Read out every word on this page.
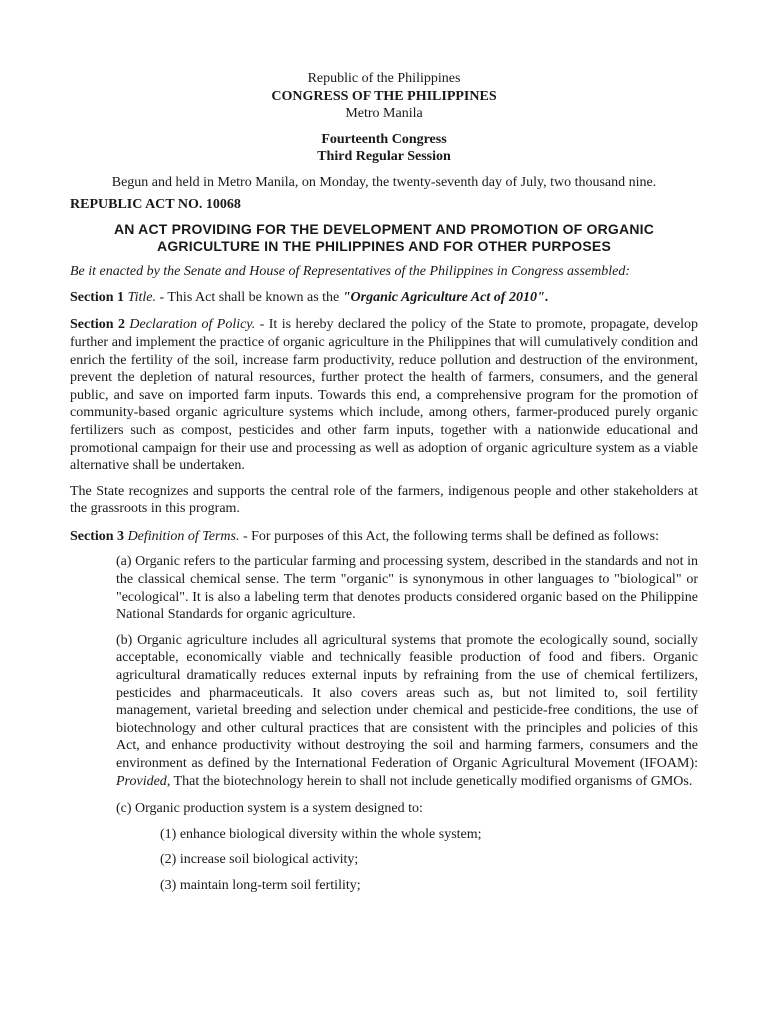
Republic of the Philippines

CONGRESS OF THE PHILIPPINES

Metro Manila

Fourteenth Congress

Third Regular Session

Begun and held in Metro Manila, on Monday, the twenty-seventh day of July, two thousand nine.

REPUBLIC ACT NO. 10068

AN ACT PROVIDING FOR THE DEVELOPMENT AND PROMOTION OF ORGANIC AGRICULTURE IN THE PHILIPPINES AND FOR OTHER PURPOSES

Be it enacted by the Senate and House of Representatives of the Philippines in Congress assembled:

Section 1 Title. - This Act shall be known as the "Organic Agriculture Act of 2010".

Section 2 Declaration of Policy. - It is hereby declared the policy of the State to promote, propagate, develop further and implement the practice of organic agriculture in the Philippines that will cumulatively condition and enrich the fertility of the soil, increase farm productivity, reduce pollution and destruction of the environment, prevent the depletion of natural resources, further protect the health of farmers, consumers, and the general public, and save on imported farm inputs. Towards this end, a comprehensive program for the promotion of community-based organic agriculture systems which include, among others, farmer-produced purely organic fertilizers such as compost, pesticides and other farm inputs, together with a nationwide educational and promotional campaign for their use and processing as well as adoption of organic agriculture system as a viable alternative shall be undertaken.

The State recognizes and supports the central role of the farmers, indigenous people and other stakeholders at the grassroots in this program.

Section 3 Definition of Terms. - For purposes of this Act, the following terms shall be defined as follows:

(a) Organic refers to the particular farming and processing system, described in the standards and not in the classical chemical sense. The term "organic" is synonymous in other languages to "biological" or "ecological". It is also a labeling term that denotes products considered organic based on the Philippine National Standards for organic agriculture.

(b) Organic agriculture includes all agricultural systems that promote the ecologically sound, socially acceptable, economically viable and technically feasible production of food and fibers. Organic agricultural dramatically reduces external inputs by refraining from the use of chemical fertilizers, pesticides and pharmaceuticals. It also covers areas such as, but not limited to, soil fertility management, varietal breeding and selection under chemical and pesticide-free conditions, the use of biotechnology and other cultural practices that are consistent with the principles and policies of this Act, and enhance productivity without destroying the soil and harming farmers, consumers and the environment as defined by the International Federation of Organic Agricultural Movement (IFOAM): Provided, That the biotechnology herein to shall not include genetically modified organisms of GMOs.

(c) Organic production system is a system designed to:

(1) enhance biological diversity within the whole system;

(2) increase soil biological activity;

(3) maintain long-term soil fertility;
